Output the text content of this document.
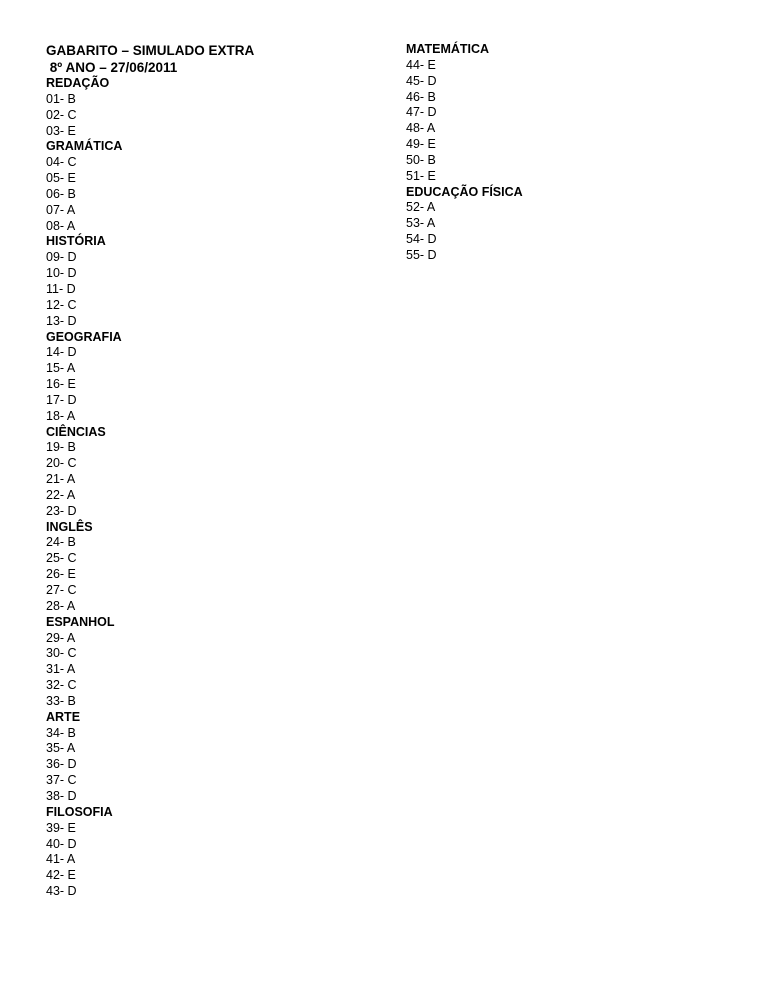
GABARITO – SIMULADO EXTRA
8º ANO – 27/06/2011
REDAÇÃO
01- B
02- C
03- E
GRAMÁTICA
04- C
05- E
06- B
07- A
08- A
HISTÓRIA
09- D
10- D
11- D
12- C
13- D
GEOGRAFIA
14- D
15- A
16- E
17- D
18- A
CIÊNCIAS
19- B
20- C
21- A
22- A
23- D
INGLÊS
24- B
25- C
26- E
27- C
28- A
ESPANHOL
29- A
30- C
31- A
32- C
33- B
ARTE
34- B
35- A
36- D
37- C
38- D
FILOSOFIA
39- E
40- D
41- A
42- E
43- D
MATEMÁTICA
44- E
45- D
46- B
47- D
48- A
49- E
50- B
51- E
EDUCAÇÃO FÍSICA
52- A
53- A
54- D
55- D
